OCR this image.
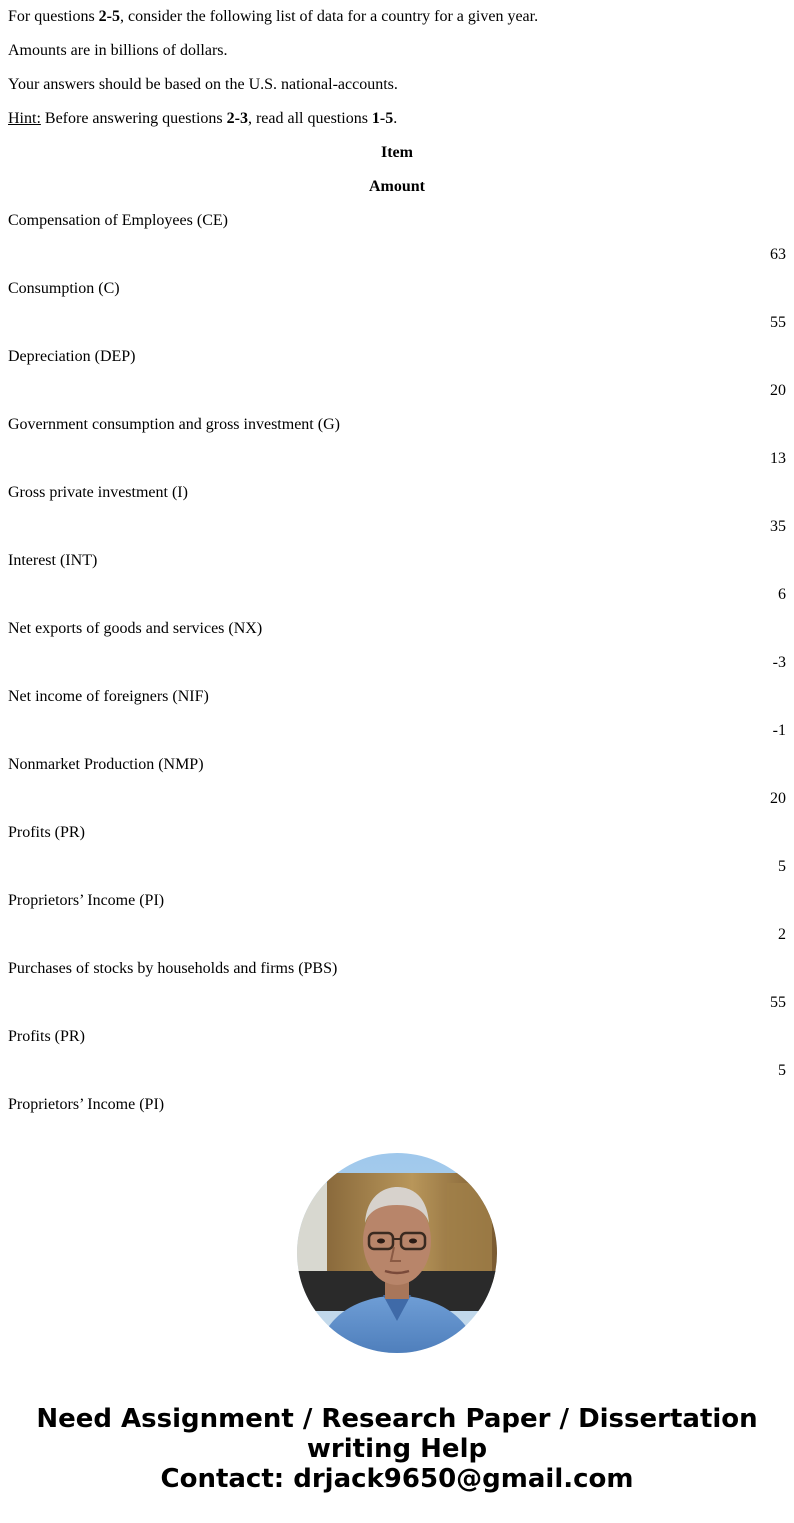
For questions 2-5, consider the following list of data for a country for a given year.
Amounts are in billions of dollars.
Your answers should be based on the U.S. national-accounts.
Hint: Before answering questions 2-3, read all questions 1-5.
Item
Amount
Compensation of Employees (CE)
63
Consumption (C)
55
Depreciation (DEP)
20
Government consumption and gross investment (G)
13
Gross private investment (I)
35
Interest (INT)
6
Net exports of goods and services (NX)
-3
Net income of foreigners (NIF)
-1
Nonmarket Production (NMP)
20
Profits (PR)
5
Proprietors’ Income (PI)
2
Purchases of stocks by households and firms (PBS)
55
Profits (PR)
5
Proprietors’ Income (PI)
Need Assignment / Research Paper / Dissertation
writing Help
Contact: drjack9650@gmail.com
